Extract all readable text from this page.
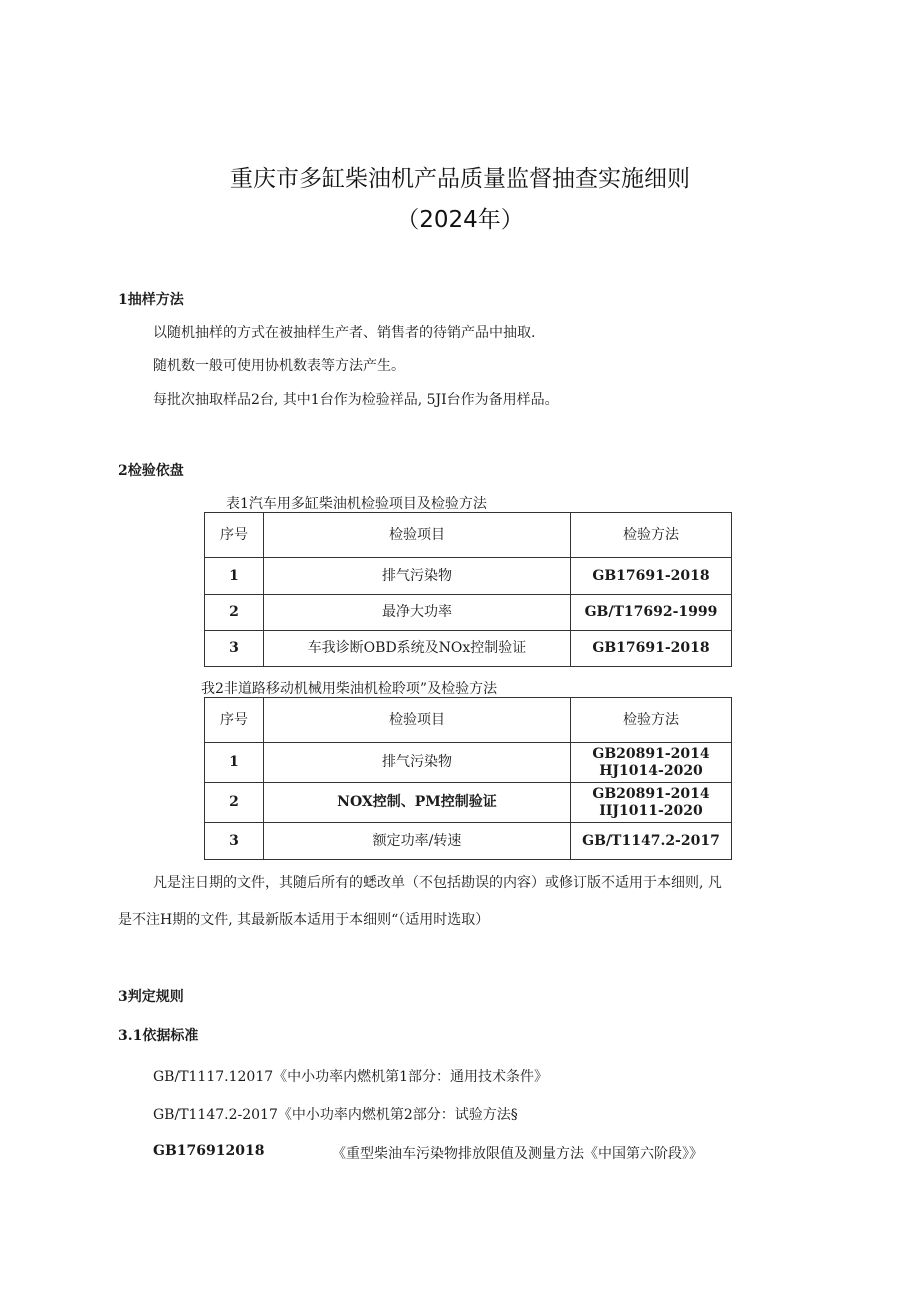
重庆市多缸柴油机产品质量监督抽查实施细则
（2024年）
1抽样方法
以随机抽样的方式在被抽样生产者、销售者的待销产品中抽取.
随机数一般可使用协机数表等方法产生。
每批次抽取样品2台, 其中1台作为检验祥品, 5JI台作为备用样品。
2检验依盘
表1汽车用多缸柴油机检验项目及检验方法
序号	检验项目	检验方法
1	排气污染物	GB17691-2018
2	最净大功率	GB/T17692-1999
3	车我诊断OBD系统及NOx控制验证	GB17691-2018
我2非道路移动机械用柴油机检聆项”及检验方法
序号	检验项目	检验方法
1	排气污染物	GB20891-2014
HJ1014-2020

2	NOX控制、PM控制验证	GB20891-2014
IIJ1011-2020

3	额定功率/转速	GB/T1147.2-2017
凡是注日期的文件，其随后所有的蟋改单（不包括勘误的内容）或修订版不适用于本细则, 凡
是不注H期的文件, 其最新版本适用于本细则“（适用时选取）
3判定规则
3.1依据标准
GB/T1117.12017《中小功率内燃机第1部分：通用技术条件》
GB/T1147.2-2017《中小功率内燃机第2部分：试验方法§
GB176912018	《重型柴油车污染物排放限值及测量方法《中国第六阶段》》
